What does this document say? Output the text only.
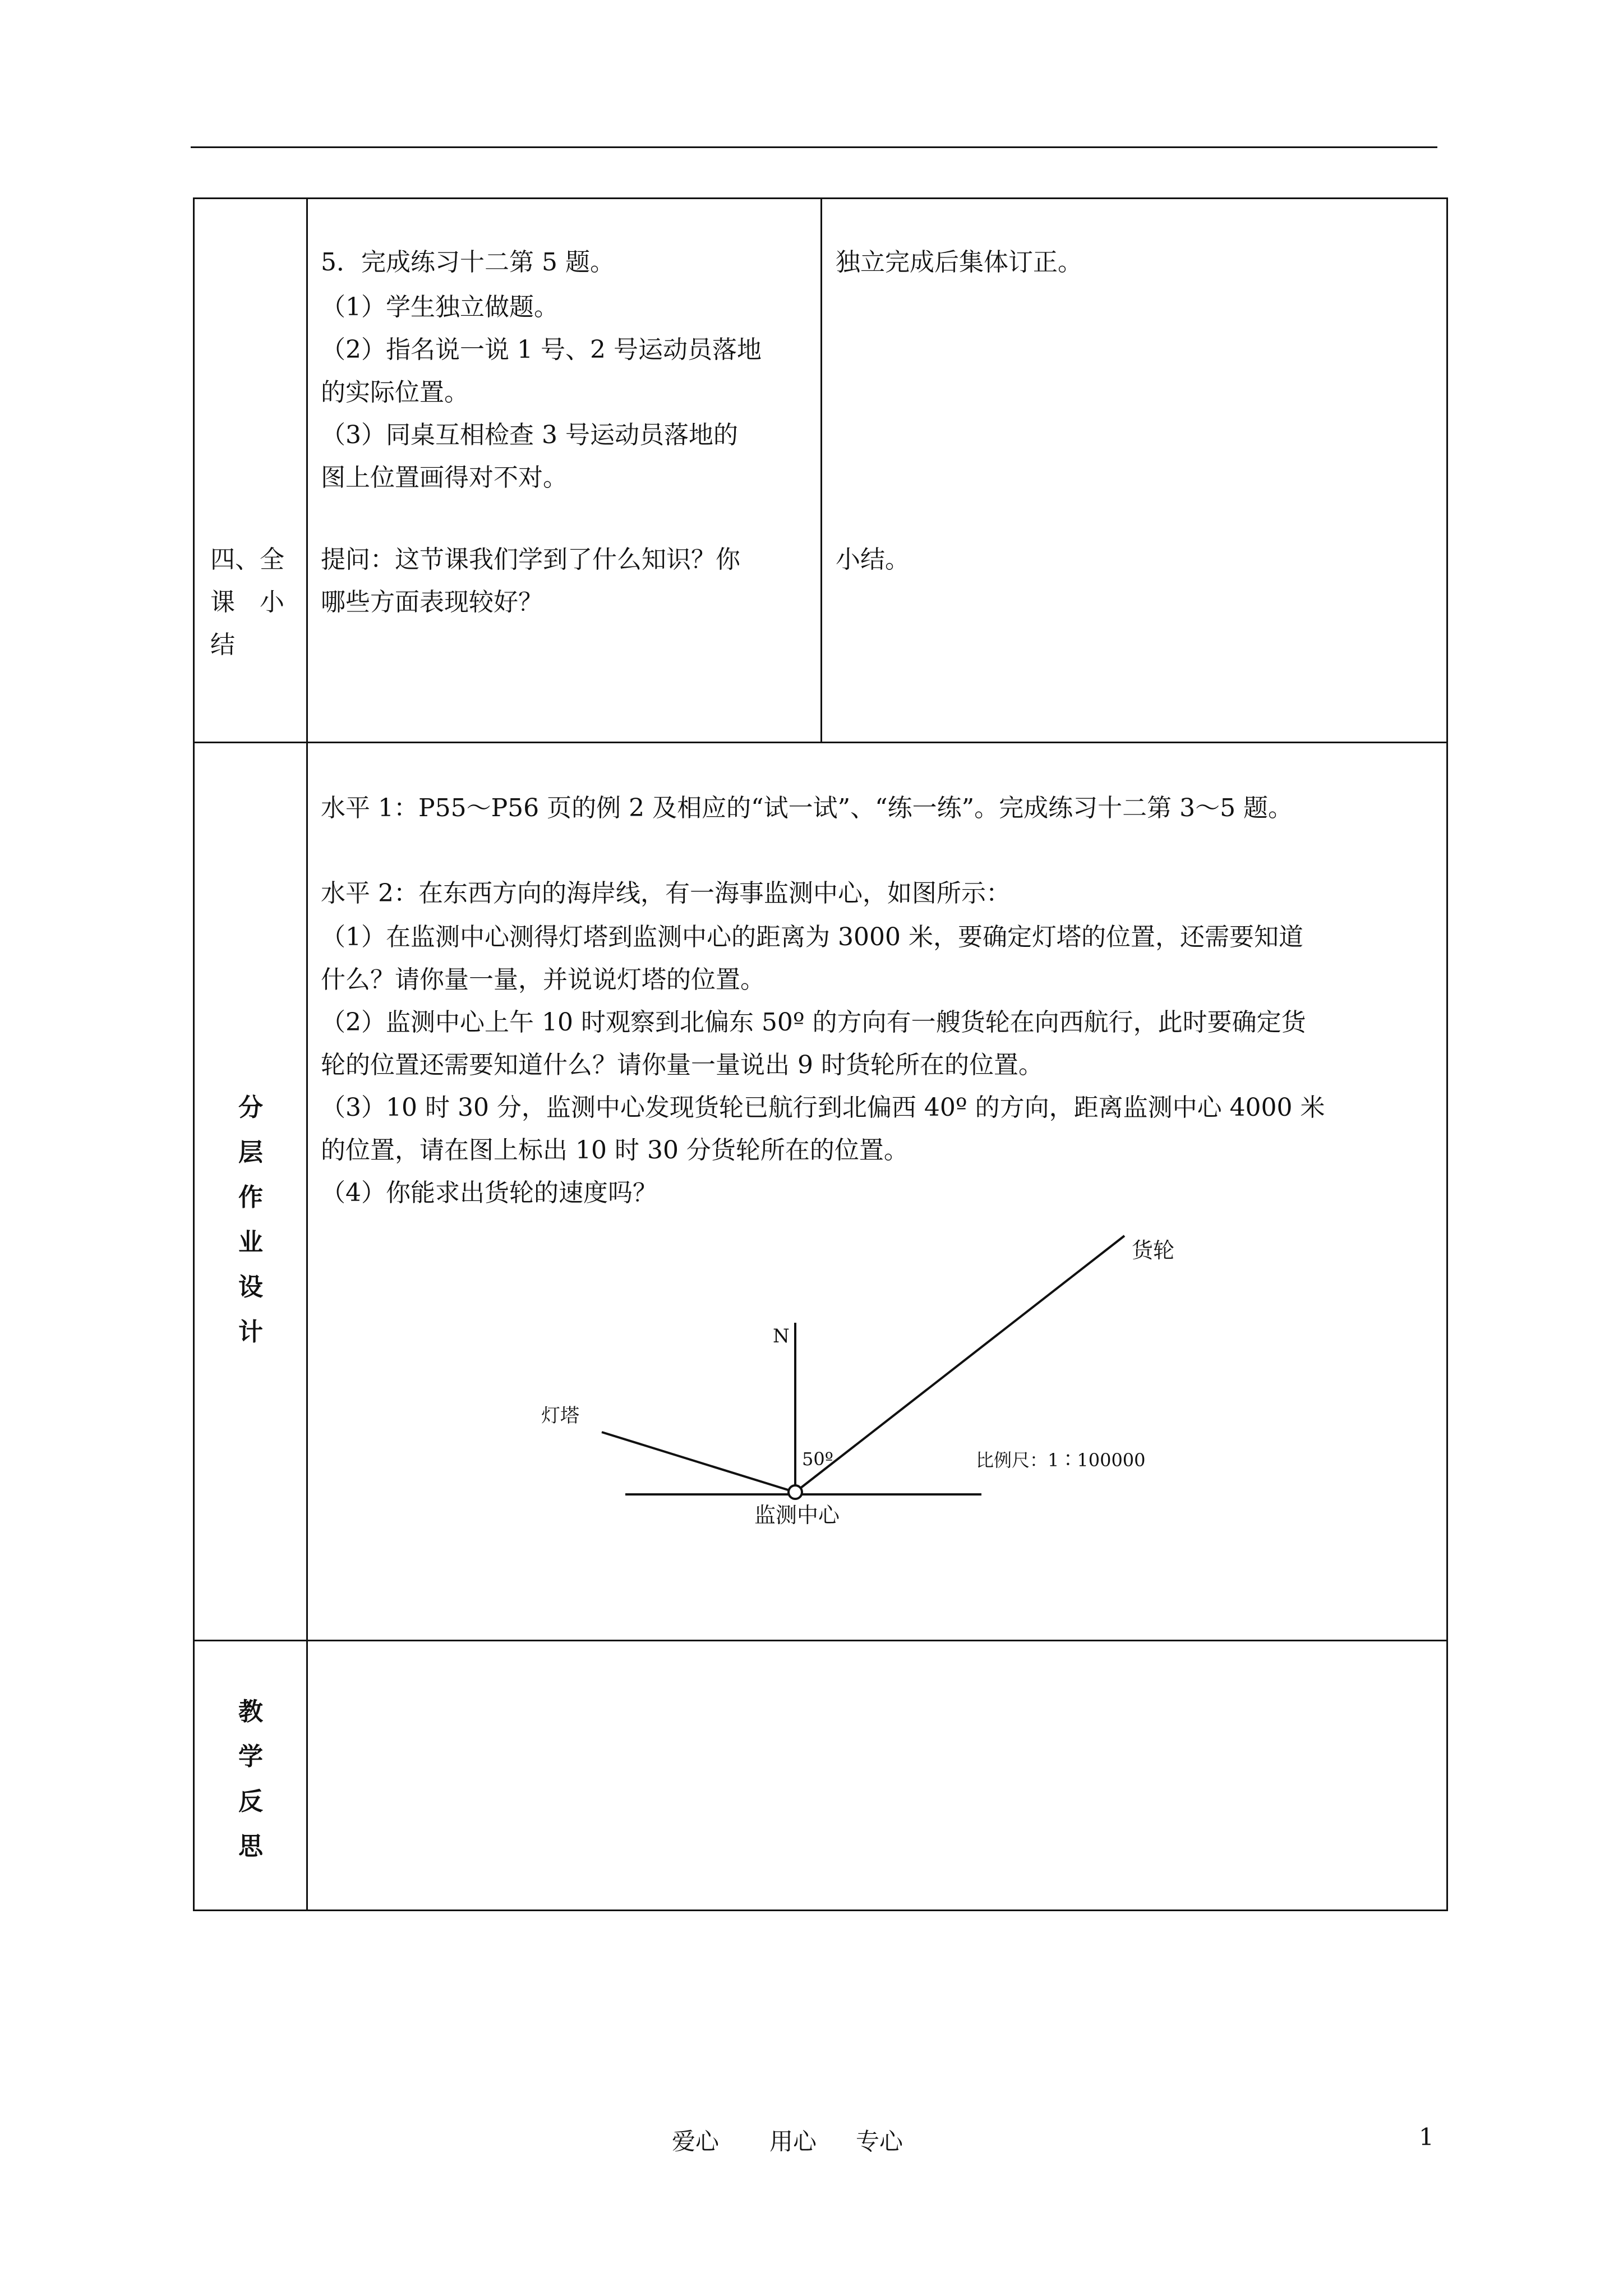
四、全
课　小
结
5．完成练习十二第 5 题。
（1）学生独立做题。
（2）指名说一说 1 号、2 号运动员落地
的实际位置。
（3）同桌互相检查 3 号运动员落地的
图上位置画得对不对。
提问：这节课我们学到了什么知识？你
哪些方面表现较好？
独立完成后集体订正。
小结。
分
层
作
业
设
计
水平 1：P55～P56 页的例 2 及相应的“试一试”、“练一练”。完成练习十二第 3～5 题。
水平 2：在东西方向的海岸线，有一海事监测中心，如图所示：
（1）在监测中心测得灯塔到监测中心的距离为 3000 米，要确定灯塔的位置，还需要知道
什么？请你量一量，并说说灯塔的位置。
（2）监测中心上午 10 时观察到北偏东 50º 的方向有一艘货轮在向西航行，此时要确定货
轮的位置还需要知道什么？请你量一量说出 9 时货轮所在的位置。
（3）10 时 30 分，监测中心发现货轮已航行到北偏西 40º 的方向，距离监测中心 4000 米
的位置，请在图上标出 10 时 30 分货轮所在的位置。
（4）你能求出货轮的速度吗？
N
灯塔
货轮
50º	比例尺：1∶100000
监测中心
教
学
反
思
爱心 用心 专心	1
